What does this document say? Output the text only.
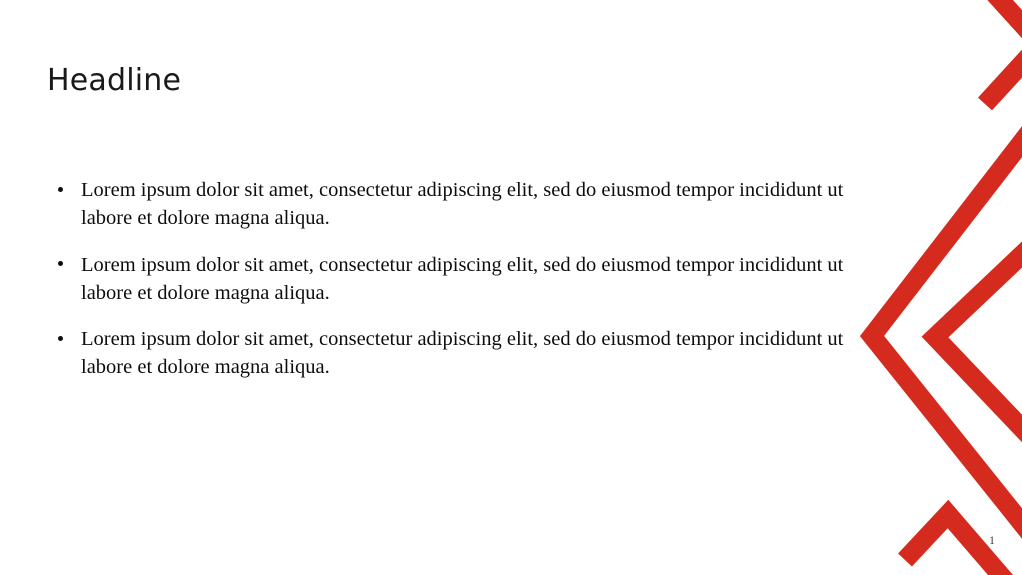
Headline
Lorem ipsum dolor sit amet, consectetur adipiscing elit, sed do eiusmod tempor incididunt ut labore et dolore magna aliqua.
Lorem ipsum dolor sit amet, consectetur adipiscing elit, sed do eiusmod tempor incididunt ut labore et dolore magna aliqua.
Lorem ipsum dolor sit amet, consectetur adipiscing elit, sed do eiusmod tempor incididunt ut labore et dolore magna aliqua.
1
